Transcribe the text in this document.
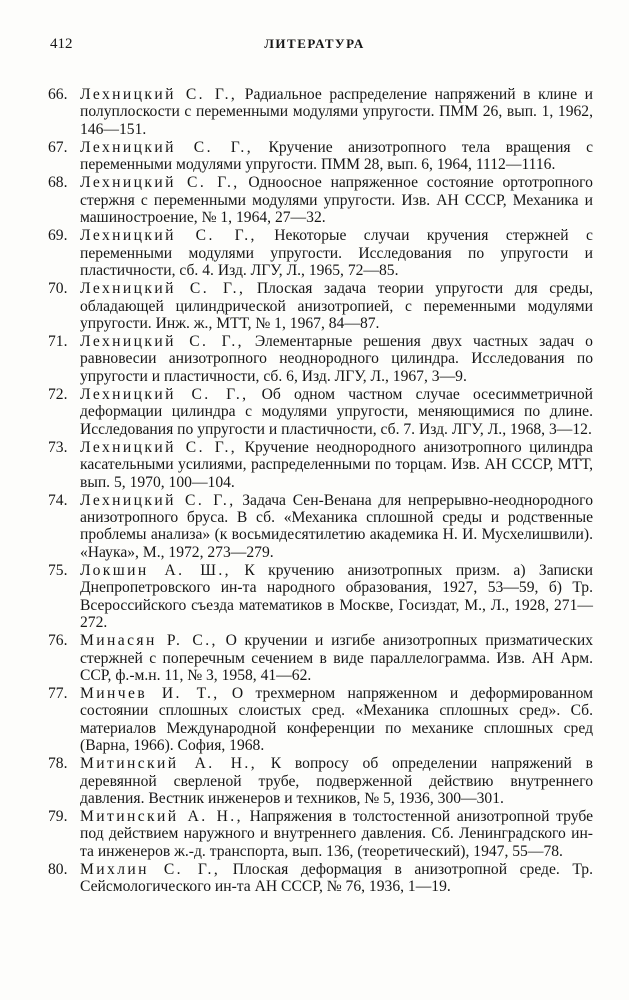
412	ЛИТЕРАТУРА
66. Лехницкий С. Г., Радиальное распределение напряжений в клине и полуплоскости с переменными модулями упругости. ПММ 26, вып. 1, 1962, 146—151.
67. Лехницкий С. Г., Кручение анизотропного тела вращения с переменными модулями упругости. ПММ 28, вып. 6, 1964, 1112—1116.
68. Лехницкий С. Г., Одноосное напряженное состояние ортотропного стержня с переменными модулями упругости. Изв. АН СССР, Механика и машиностроение, № 1, 1964, 27—32.
69. Лехницкий С. Г., Некоторые случаи кручения стержней с переменными модулями упругости. Исследования по упругости и пластичности, сб. 4. Изд. ЛГУ, Л., 1965, 72—85.
70. Лехницкий С. Г., Плоская задача теории упругости для среды, обладающей цилиндрической анизотропией, с переменными модулями упругости. Инж. ж., МТТ, № 1, 1967, 84—87.
71. Лехницкий С. Г., Элементарные решения двух частных задач о равновесии анизотропного неоднородного цилиндра. Исследования по упругости и пластичности, сб. 6, Изд. ЛГУ, Л., 1967, 3—9.
72. Лехницкий С. Г., Об одном частном случае осесимметричной деформации цилиндра с модулями упругости, меняющимися по длине. Исследования по упругости и пластичности, сб. 7. Изд. ЛГУ, Л., 1968, 3—12.
73. Лехницкий С. Г., Кручение неоднородного анизотропного цилиндра касательными усилиями, распределенными по торцам. Изв. АН СССР, МТТ, вып. 5, 1970, 100—104.
74. Лехницкий С. Г., Задача Сен-Венана для непрерывно-неоднородного анизотропного бруса. В сб. «Механика сплошной среды и родственные проблемы анализа» (к восьмидесятилетию академика Н. И. Мусхелишвили). «Наука», М., 1972, 273—279.
75. Локшин А. Ш., К кручению анизотропных призм. а) Записки Днепропетровского ин-та народного образования, 1927, 53—59, б) Тр. Всероссийского съезда математиков в Москве, Госиздат, М., Л., 1928, 271—272.
76. Минасян Р. С., О кручении и изгибе анизотропных призматических стержней с поперечным сечением в виде параллелограмма. Изв. АН Арм. ССР, ф.-м.н. 11, № 3, 1958, 41—62.
77. Минчев И. Т., О трехмерном напряженном и деформированном состоянии сплошных слоистых сред. «Механика сплошных сред». Сб. материалов Международной конференции по механике сплошных сред (Варна, 1966). София, 1968.
78. Митинский А. Н., К вопросу об определении напряжений в деревянной сверленой трубе, подверженной действию внутреннего давления. Вестник инженеров и техников, № 5, 1936, 300—301.
79. Митинский А. Н., Напряжения в толстостенной анизотропной трубе под действием наружного и внутреннего давления. Сб. Ленинградского ин-та инженеров ж.-д. транспорта, вып. 136, (теоретический), 1947, 55—78.
80. Михлин С. Г., Плоская деформация в анизотропной среде. Тр. Сейсмологического ин-та АН СССР, № 76, 1936, 1—19.
